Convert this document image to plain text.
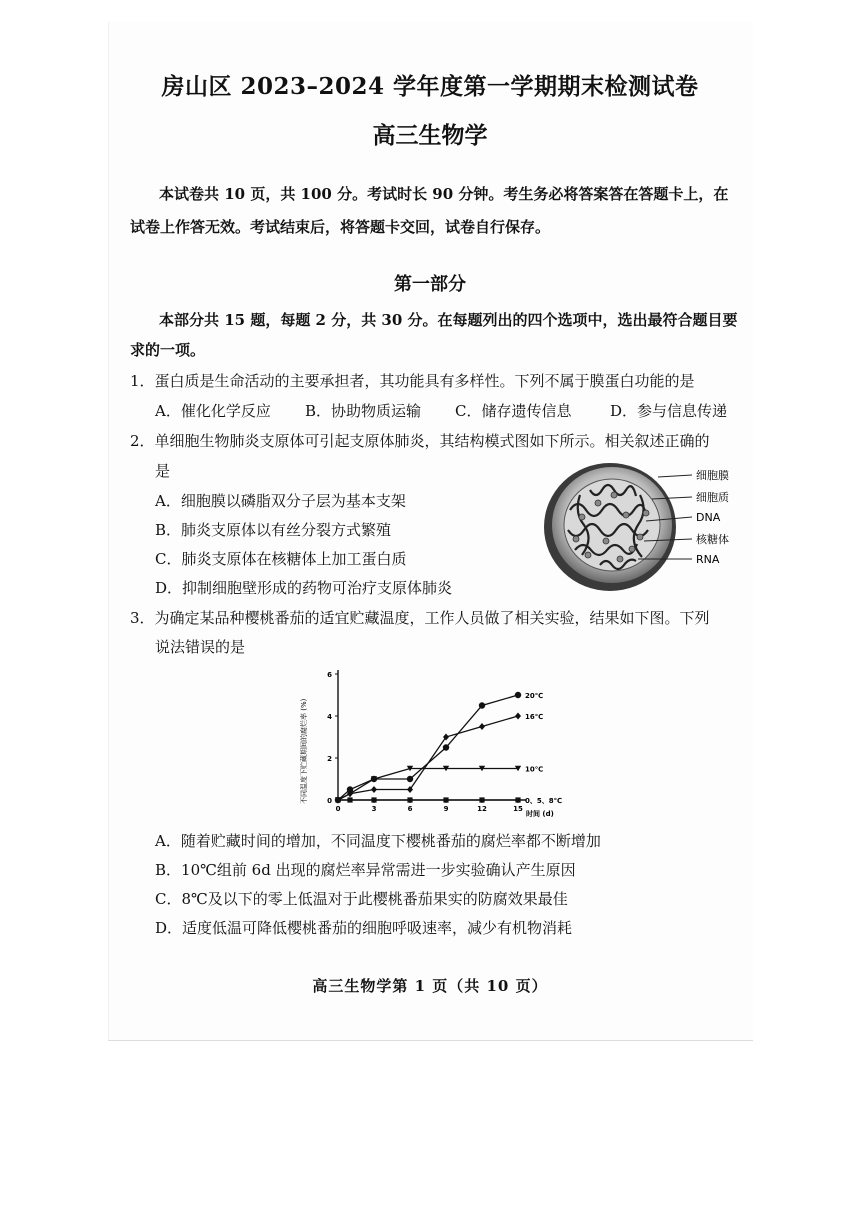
房山区 2023–2024 学年度第一学期期末检测试卷
高三生物学
本试卷共 10 页，共 100 分。考试时长 90 分钟。考生务必将答案答在答题卡上，在试卷上作答无效。考试结束后，将答题卡交回，试卷自行保存。
第一部分
本部分共 15 题，每题 2 分，共 30 分。在每题列出的四个选项中，选出最符合题目要求的一项。
1．蛋白质是生命活动的主要承担者，其功能具有多样性。下列不属于膜蛋白功能的是
A．催化化学反应 B．协助物质运输 C．储存遗传信息	D．参与信息传递
2．单细胞生物肺炎支原体可引起支原体肺炎，其结构模式图如下所示。相关叙述正确的
是
A．细胞膜以磷脂双分子层为基本支架
B．肺炎支原体以有丝分裂方式繁殖
C．肺炎支原体在核糖体上加工蛋白质
D．抑制细胞壁形成的药物可治疗支原体肺炎
细胞膜
细胞质
DNA
核糖体
RNA
3．为确定某品种樱桃番茄的适宜贮藏温度，工作人员做了相关实验，结果如下图。下列
说法错误的是
0
2
4
6
0	3	6	9	12	15
20℃
16℃
10℃
0、5、8℃
不同温度下贮藏期间的腐烂率 (%)
时间 (d)
A．随着贮藏时间的增加，不同温度下樱桃番茄的腐烂率都不断增加
B．10℃组前 6d 出现的腐烂率异常需进一步实验确认产生原因
C．8℃及以下的零上低温对于此樱桃番茄果实的防腐效果最佳
D．适度低温可降低樱桃番茄的细胞呼吸速率，减少有机物消耗
高三生物学第 1 页（共 10 页）
